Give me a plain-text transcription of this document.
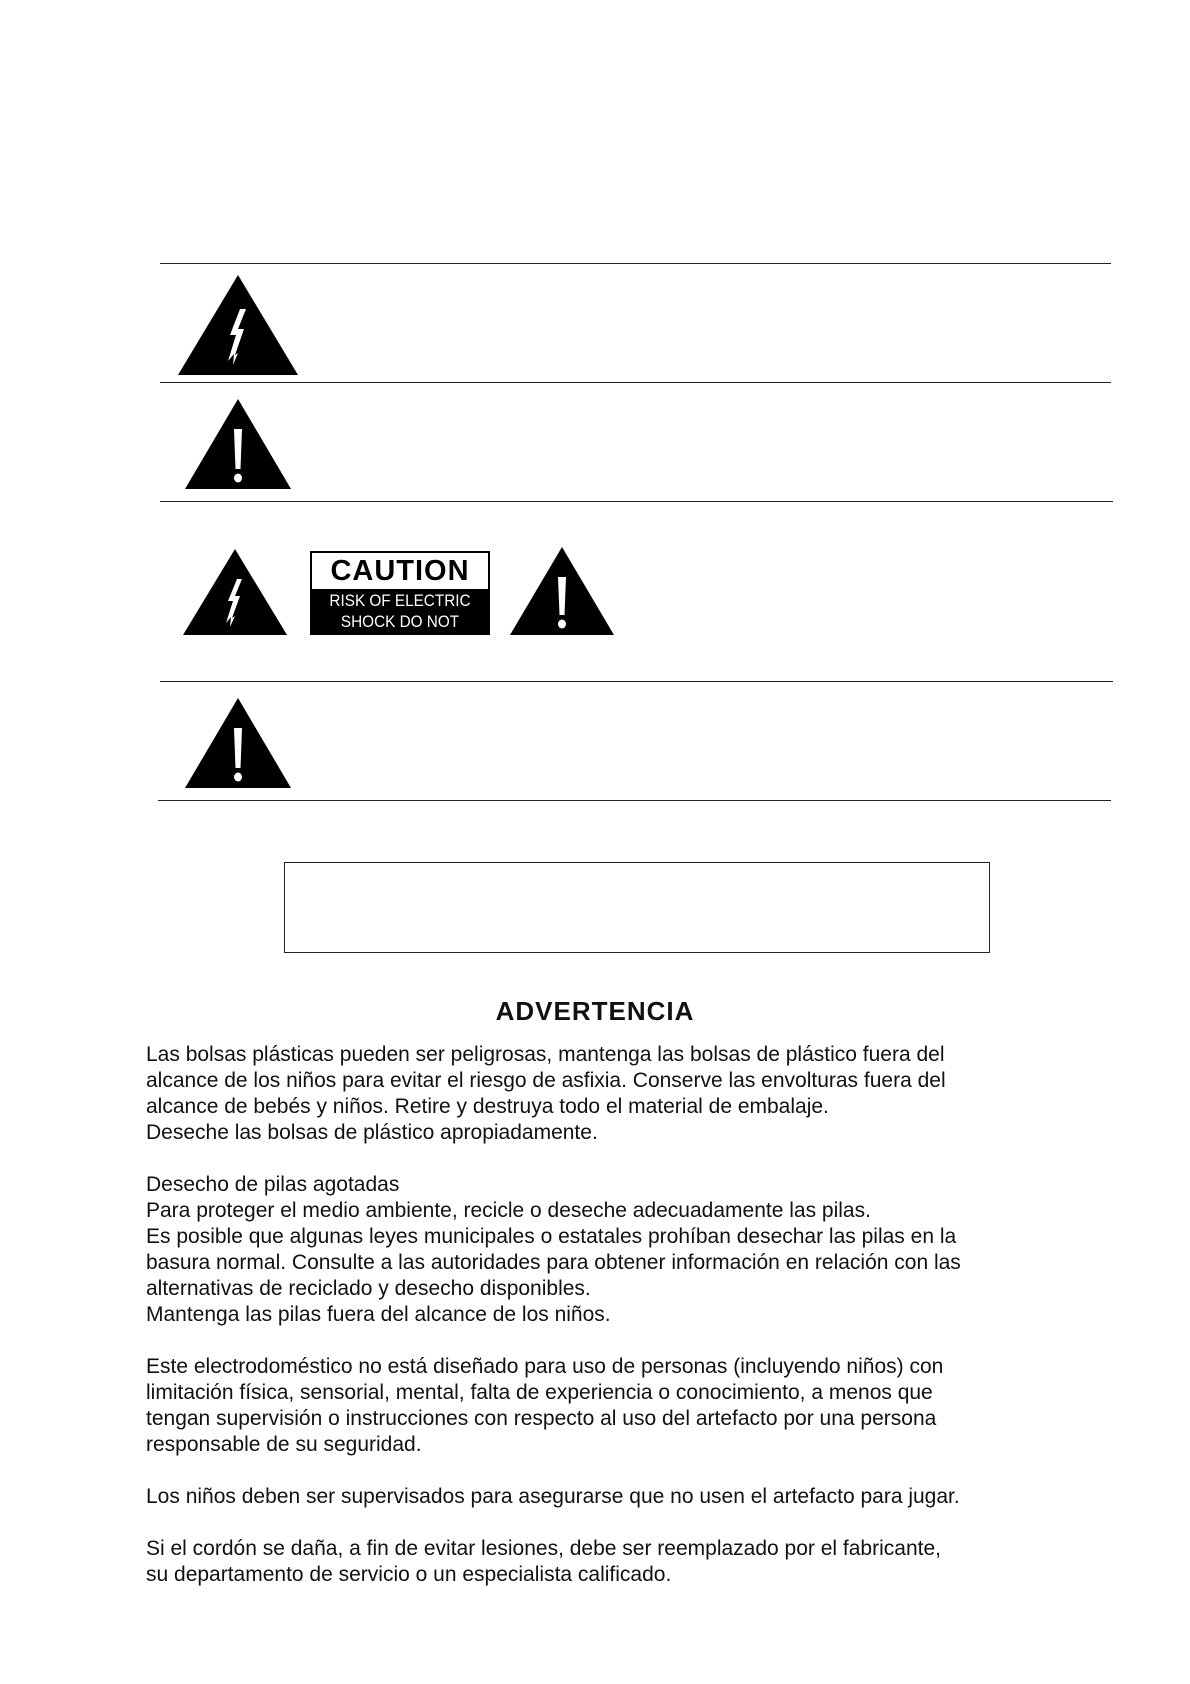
CAUTION
RISK OF ELECTRIC
SHOCK DO NOT OPEN.
ADVERTENCIA
Las bolsas plásticas pueden ser peligrosas, mantenga las bolsas de plástico fuera del
alcance de los niños para evitar el riesgo de asfixia. Conserve las envolturas fuera del
alcance de bebés y niños. Retire y destruya todo el material de embalaje.
Deseche las bolsas de plástico apropiadamente.
Desecho de pilas agotadas
Para proteger el medio ambiente, recicle o deseche adecuadamente las pilas.
Es posible que algunas leyes municipales o estatales prohíban desechar las pilas en la
basura normal. Consulte a las autoridades para obtener información en relación con las
alternativas de reciclado y desecho disponibles.
Mantenga las pilas fuera del alcance de los niños.
Este electrodoméstico no está diseñado para uso de personas (incluyendo niños) con
limitación física, sensorial, mental, falta de experiencia o conocimiento, a menos que
tengan supervisión o instrucciones con respecto al uso del artefacto por una persona
responsable de su seguridad.
Los niños deben ser supervisados para asegurarse que no usen el artefacto para jugar.
Si el cordón se daña, a fin de evitar lesiones, debe ser reemplazado por el fabricante,
su departamento de servicio o un especialista calificado.
